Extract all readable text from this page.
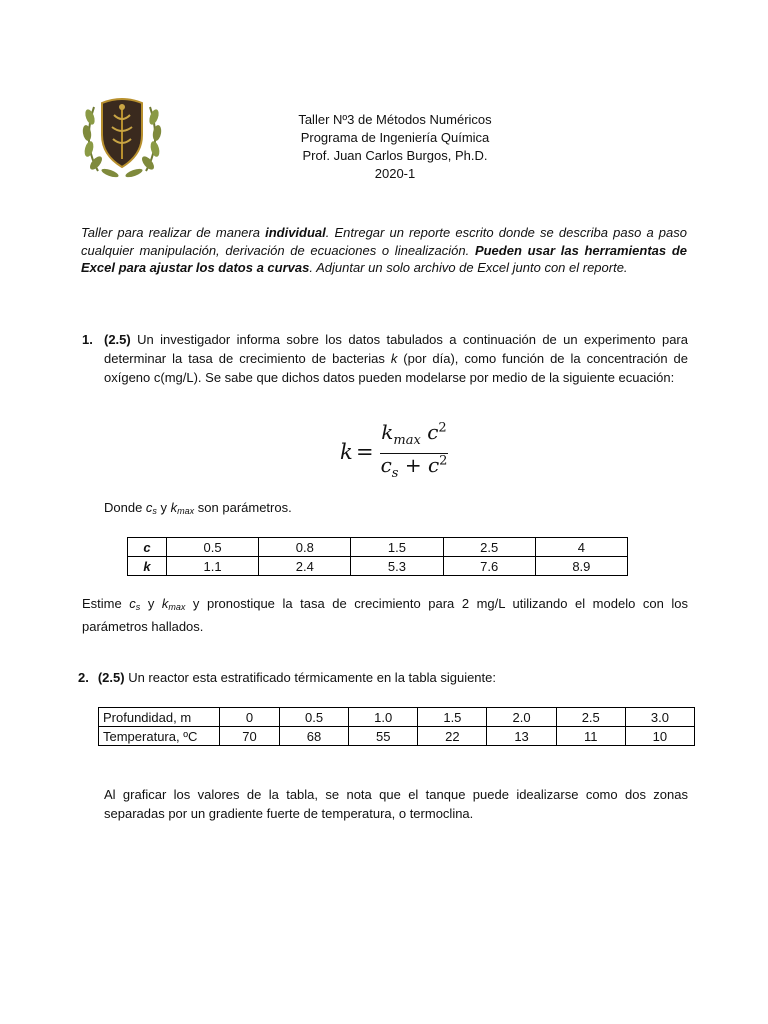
Taller Nº3 de Métodos Numéricos
Programa de Ingeniería Química
Prof. Juan Carlos Burgos, Ph.D.
2020-1
Taller para realizar de manera individual. Entregar un reporte escrito donde se describa paso a paso cualquier manipulación, derivación de ecuaciones o linealización. Pueden usar las herramientas de Excel para ajustar los datos a curvas. Adjuntar un solo archivo de Excel junto con el reporte.
1. (2.5) Un investigador informa sobre los datos tabulados a continuación de un experimento para determinar la tasa de crecimiento de bacterias k (por día), como función de la concentración de oxígeno c(mg/L). Se sabe que dichos datos pueden modelarse por medio de la siguiente ecuación:
k =
$k_{max}$ $c^2$
$c_s + c^2$
Donde $c_s$ y $k_{max}$ son parámetros.
c	0.5	0.8	1.5	2.5	4
k	1.1	2.4	5.3	7.6	8.9
Estime $c_s$ y $k_{max}$ y pronostique la tasa de crecimiento para 2 mg/L utilizando el modelo con los parámetros hallados.
2. (2.5) Un reactor esta estratificado térmicamente en la tabla siguiente:
Profundidad, m	0	0.5	1.0	1.5	2.0	2.5	3.0
Temperatura, ºC	70	68	55	22	13	11	10
Al graficar los valores de la tabla, se nota que el tanque puede idealizarse como dos zonas separadas por un gradiente fuerte de temperatura, o termoclina.
